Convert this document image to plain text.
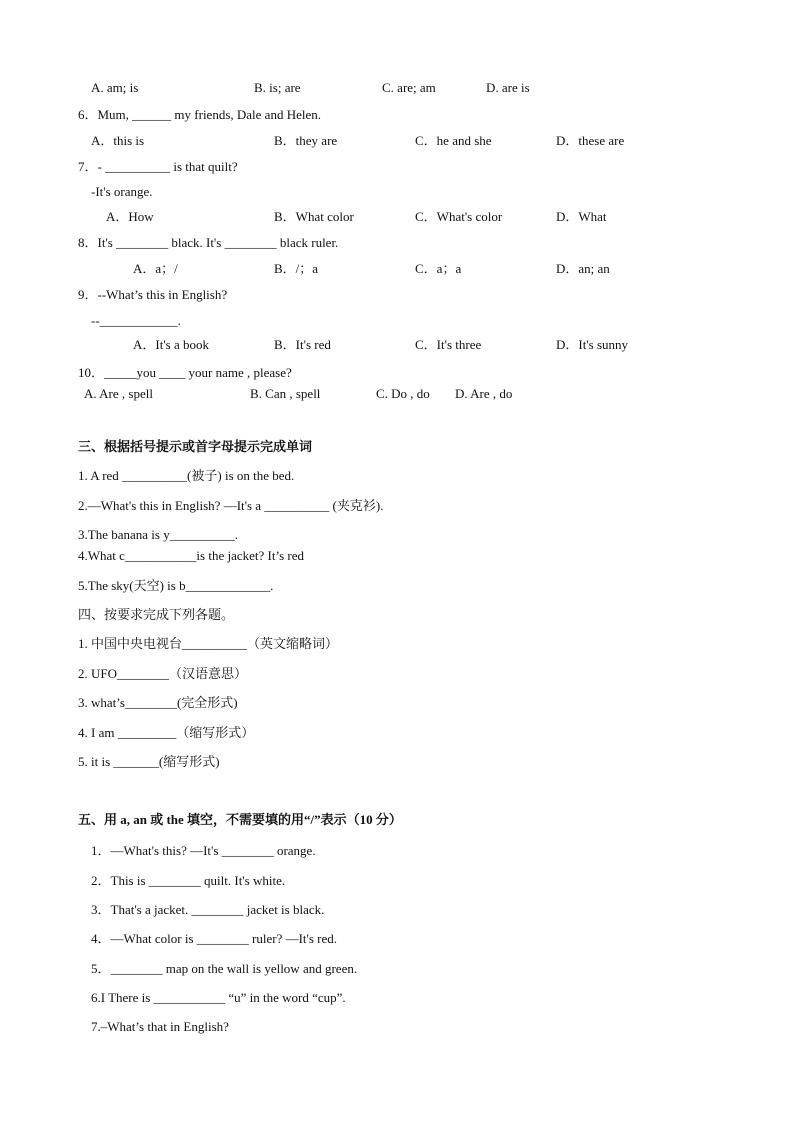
A. am; is	B. is; are	C. are; am	D. are is
6．Mum, ______ my friends, Dale and Helen.
A．this is	B．they are	C．he and she	D．these are
7．- __________ is that quilt?
-It's orange.
A．How	B．What color	C．What's color	D．What
8．It's ________ black. It's ________ black ruler.
A．a；/	B．/；a	C．a；a	D．an; an
9．--What’s this in English?
--____________.
A．It's a book	B．It's red	C．It's three	D．It's sunny
10．_____you ____ your name , please?
A. Are , spell	B. Can , spell	C. Do , do D. Are , do
三、根据括号提示或首字母提示完成单词
1. A red __________(被子) is on the bed.
2.—What's this in English? —It's a __________ (夹克衫).
3.The banana is y__________.
4.What c___________is the jacket? It’s red
5.The sky(天空) is b_____________.
四、按要求完成下列各题。
1. 中国中央电视台__________（英文缩略词）
2. UFO________（汉语意思）
3. what’s________(完全形式)
4. I am _________（缩写形式）
5. it is _______(缩写形式)
五、用 a, an 或 the 填空，不需要填的用“/”表示（10 分）
1．—What's this? —It's ________ orange.
2．This is ________ quilt. It's white.
3．That's a jacket. ________ jacket is black.
4．—What color is ________ ruler? —It's red.
5．________ map on the wall is yellow and green.
6.I There is ___________ “u” in the word “cup”.
7.–What’s that in English?
